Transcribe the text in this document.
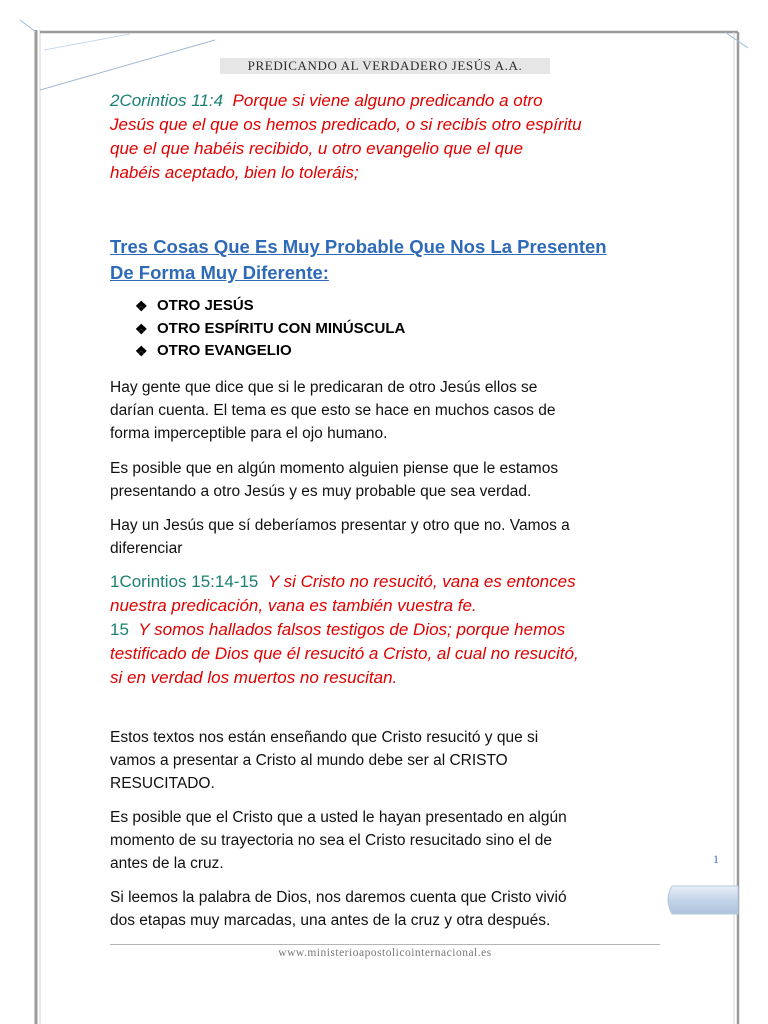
PREDICANDO AL VERDADERO JESÚS A.A.
2Corintios 11:4 Porque si viene alguno predicando a otro
Jesús que el que os hemos predicado, o si recibís otro espíritu
que el que habéis recibido, u otro evangelio que el que
habéis aceptado, bien lo toleráis;
Tres Cosas Que Es Muy Probable Que Nos La Presenten
De Forma Muy Diferente:
❖ OTRO JESÚS
❖ OTRO ESPÍRITU CON MINÚSCULA
❖ OTRO EVANGELIO
Hay gente que dice que si le predicaran de otro Jesús ellos se
darían cuenta. El tema es que esto se hace en muchos casos de
forma imperceptible para el ojo humano.
Es posible que en algún momento alguien piense que le estamos
presentando a otro Jesús y es muy probable que sea verdad.
Hay un Jesús que sí deberíamos presentar y otro que no. Vamos a
diferenciar
1Corintios 15:14-15 Y si Cristo no resucitó, vana es entonces
nuestra predicación, vana es también vuestra fe.
15 Y somos hallados falsos testigos de Dios; porque hemos
testificado de Dios que él resucitó a Cristo, al cual no resucitó,
si en verdad los muertos no resucitan.
Estos textos nos están enseñando que Cristo resucitó y que si
vamos a presentar a Cristo al mundo debe ser al CRISTO
RESUCITADO.
Es posible que el Cristo que a usted le hayan presentado en algún
momento de su trayectoria no sea el Cristo resucitado sino el de
antes de la cruz.
Si leemos la palabra de Dios, nos daremos cuenta que Cristo vivió
dos etapas muy marcadas, una antes de la cruz y otra después.
1
www.ministerioapostolicointernacional.es
